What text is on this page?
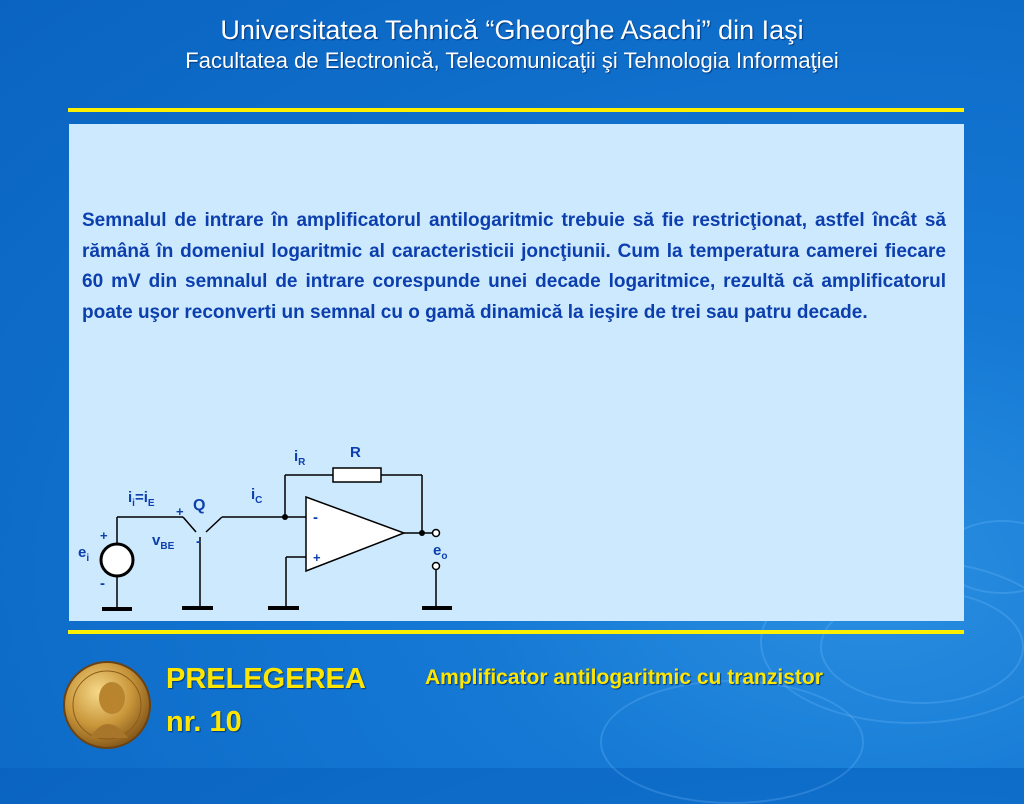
Universitatea Tehnică “Gheorghe Asachi” din Iaşi
Facultatea de Electronică, Telecomunicaţii şi Tehnologia Informaţiei

Semnalul de intrare în amplificatorul antilogaritmic trebuie să fie restricţionat, astfel încât să rămână în domeniul logaritmic al caracteristicii joncţiunii. Cum la temperatura camerei fiecare 60 mV din semnalul de intrare corespunde unei decade logaritmice, rezultă că amplificatorul poate uşor reconverti un semnal cu o gamă dinamică la ieşire de trei sau patru decade.

R
$i_R$
$i_C$
$i_i=i_E$ Q
+
-
$v_{BE}$
+
-
$e_i$	$e_o$
-
+
PRELEGEREA
nr. 10
Amplificator antilogaritmic cu tranzistor
